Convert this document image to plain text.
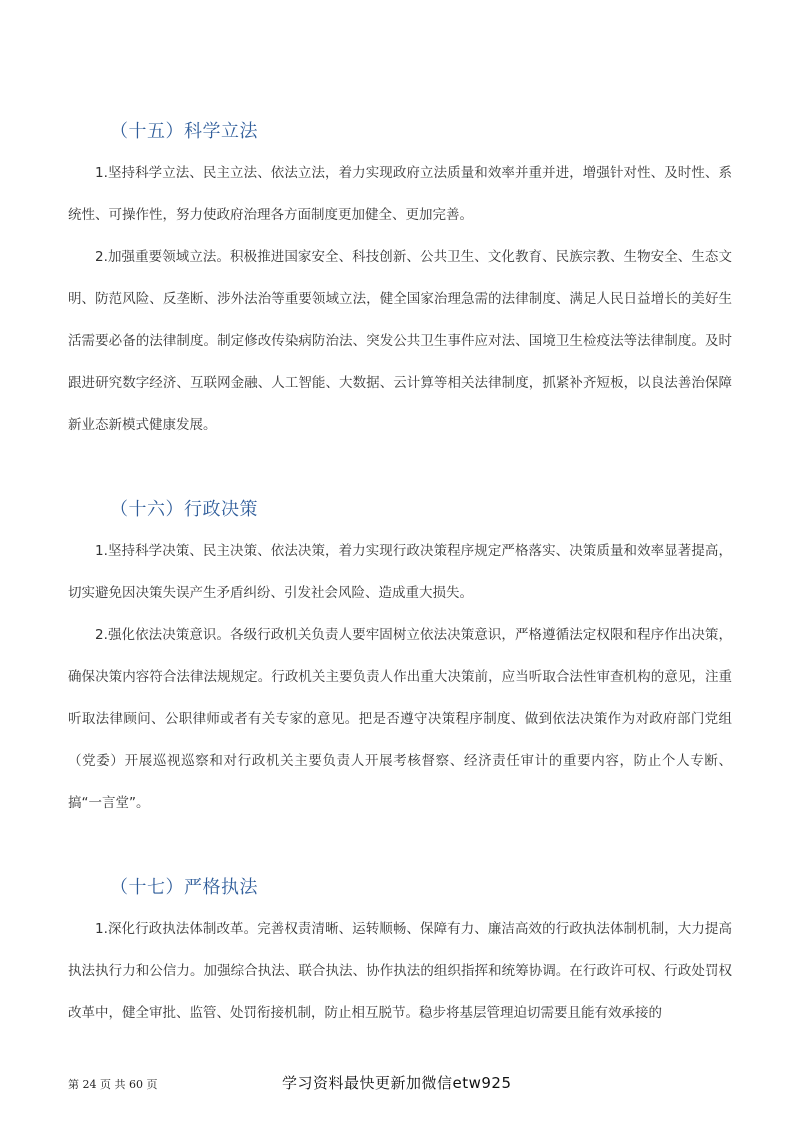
（十五）科学立法
1.坚持科学立法、民主立法、依法立法，着力实现政府立法质量和效率并重并进，增强针对性、及时性、系统性、可操作性，努力使政府治理各方面制度更加健全、更加完善。
2.加强重要领域立法。积极推进国家安全、科技创新、公共卫生、文化教育、民族宗教、生物安全、生态文明、防范风险、反垄断、涉外法治等重要领域立法，健全国家治理急需的法律制度、满足人民日益增长的美好生活需要必备的法律制度。制定修改传染病防治法、突发公共卫生事件应对法、国境卫生检疫法等法律制度。及时跟进研究数字经济、互联网金融、人工智能、大数据、云计算等相关法律制度，抓紧补齐短板，以良法善治保障新业态新模式健康发展。
（十六）行政决策
1.坚持科学决策、民主决策、依法决策，着力实现行政决策程序规定严格落实、决策质量和效率显著提高，切实避免因决策失误产生矛盾纠纷、引发社会风险、造成重大损失。
2.强化依法决策意识。各级行政机关负责人要牢固树立依法决策意识，严格遵循法定权限和程序作出决策，确保决策内容符合法律法规规定。行政机关主要负责人作出重大决策前，应当听取合法性审查机构的意见，注重听取法律顾问、公职律师或者有关专家的意见。把是否遵守决策程序制度、做到依法决策作为对政府部门党组（党委）开展巡视巡察和对行政机关主要负责人开展考核督察、经济责任审计的重要内容，防止个人专断、搞“一言堂”。
（十七）严格执法
1.深化行政执法体制改革。完善权责清晰、运转顺畅、保障有力、廉洁高效的行政执法体制机制，大力提高执法执行力和公信力。加强综合执法、联合执法、协作执法的组织指挥和统筹协调。在行政许可权、行政处罚权改革中，健全审批、监管、处罚衔接机制，防止相互脱节。稳步将基层管理迫切需要且能有效承接的
第 24 页 共 60 页	学习资料最快更新加微信etw925
